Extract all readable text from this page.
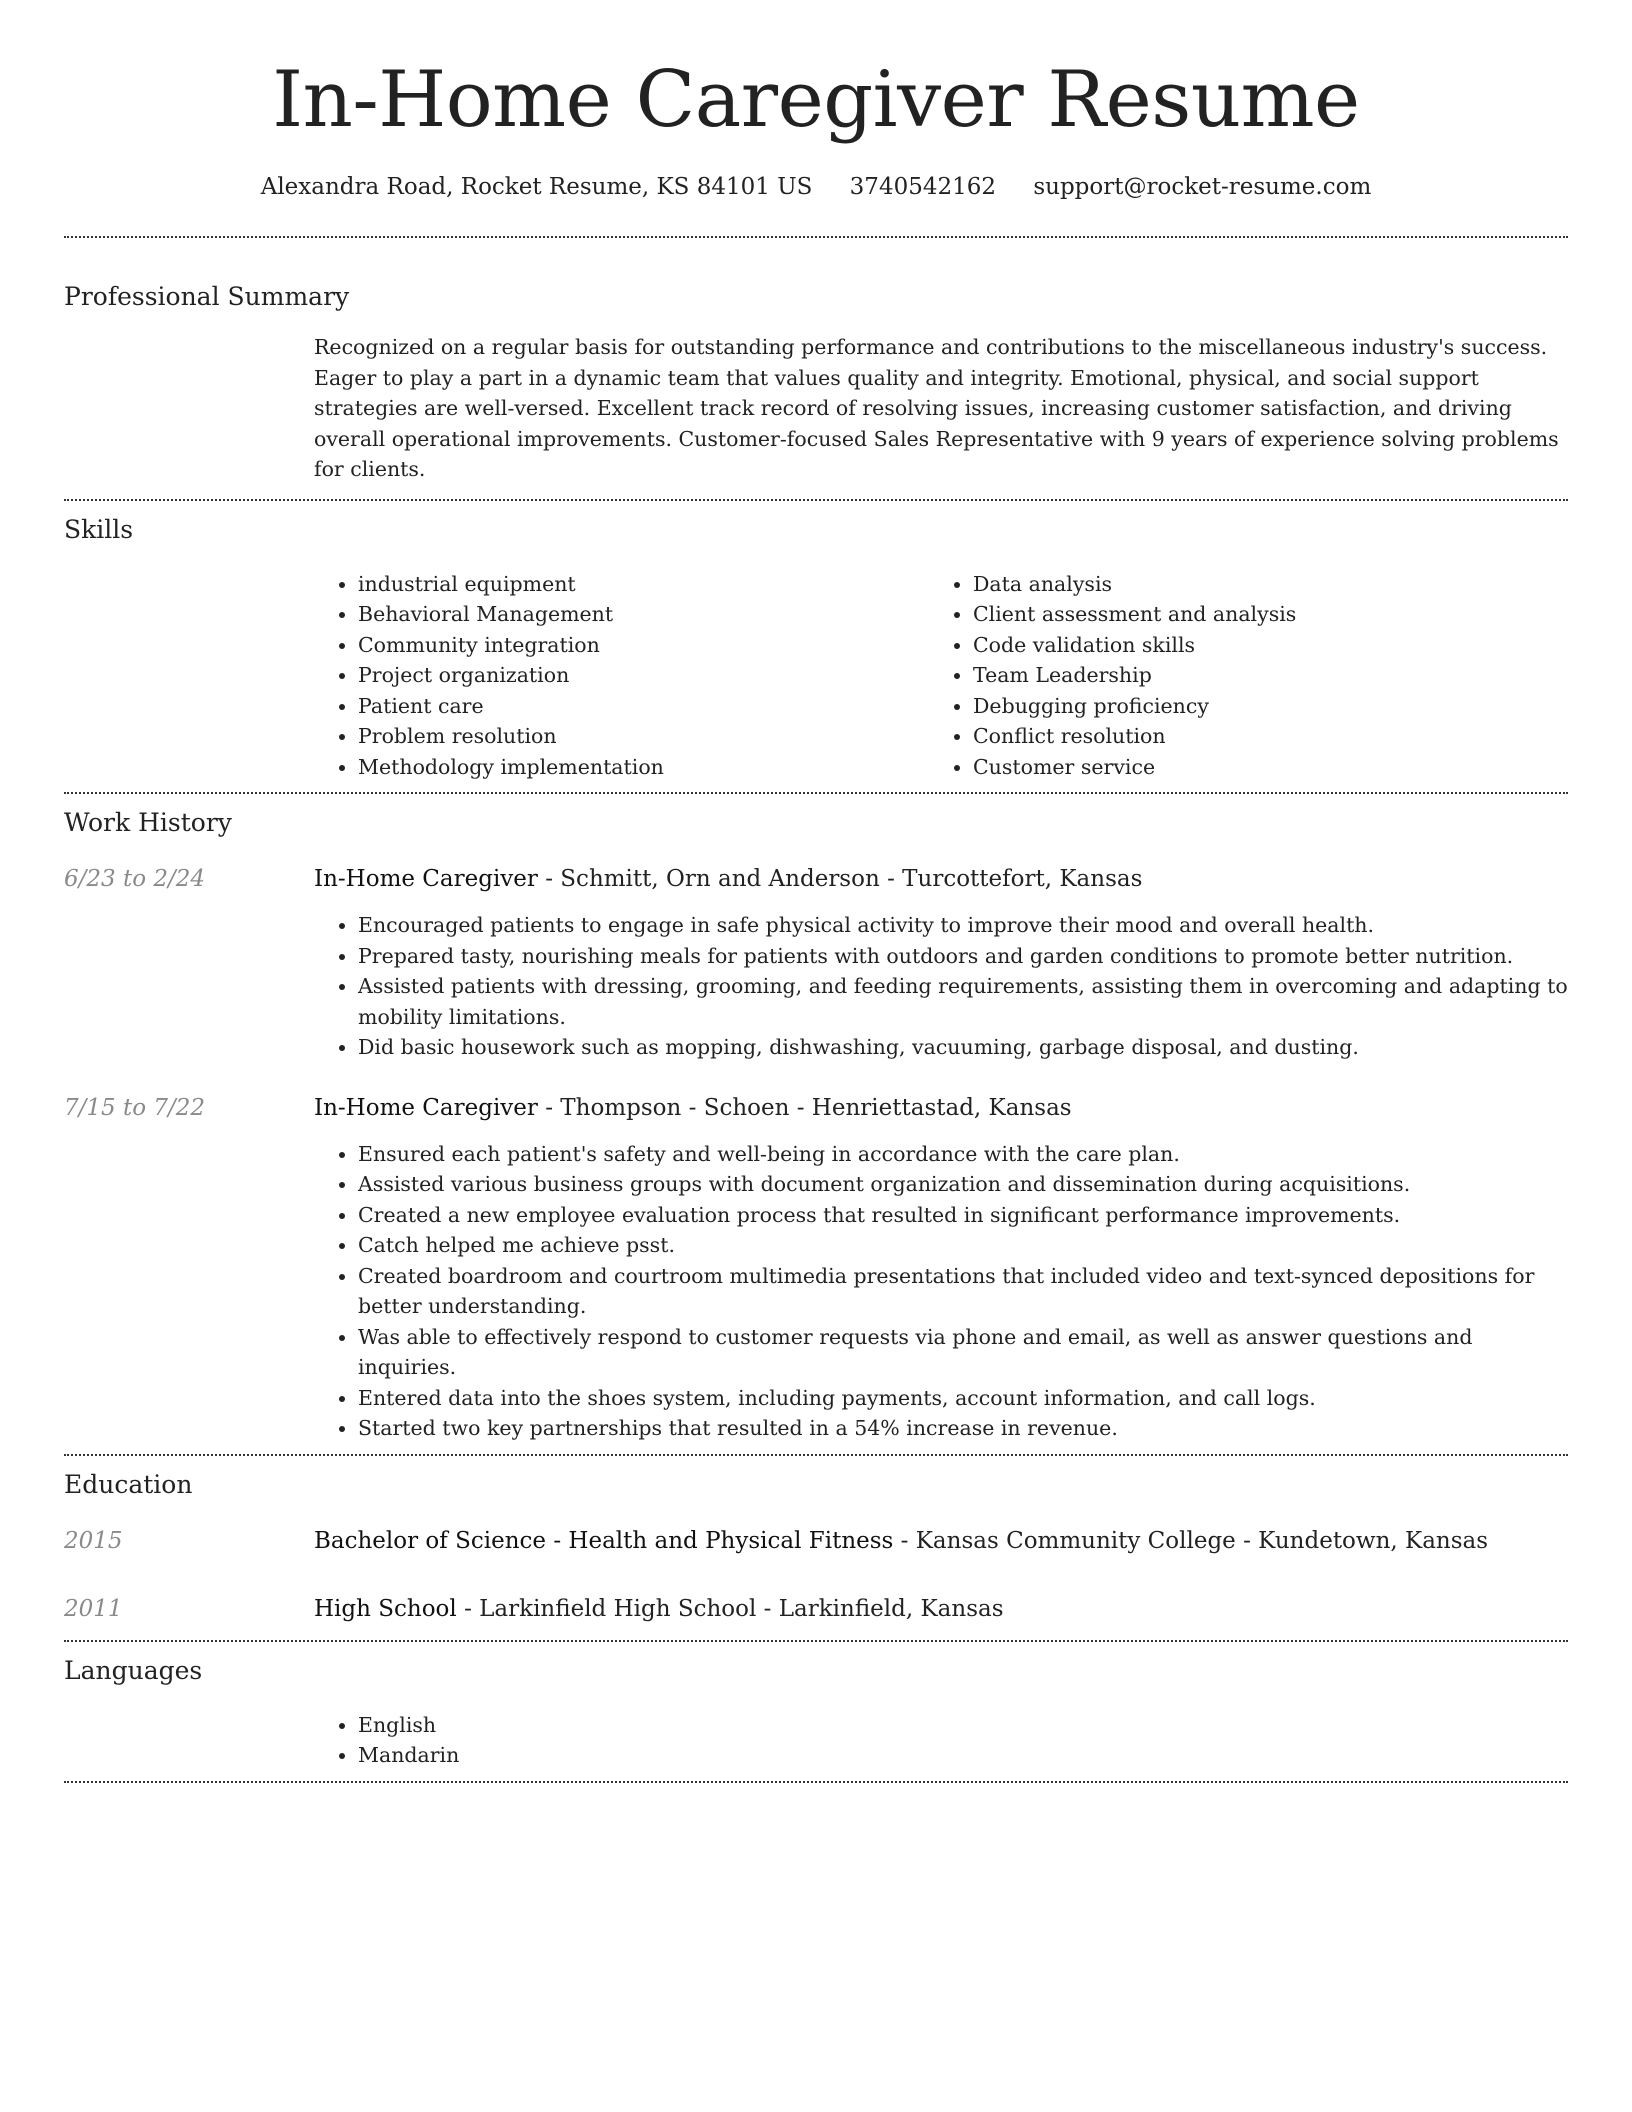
In-Home Caregiver Resume
Alexandra Road, Rocket Resume, KS 84101 US 3740542162 support@rocket-resume.com
Professional Summary

Recognized on a regular basis for outstanding performance and contributions to the miscellaneous industry's success. Eager to play a part in a dynamic team that values quality and integrity. Emotional, physical, and social support strategies are well-versed. Excellent track record of resolving issues, increasing customer satisfaction, and driving overall operational improvements. Customer-focused Sales Representative with 9 years of experience solving problems for clients.

Skills
• industrial equipment
• Behavioral Management
• Community integration
• Project organization
• Patient care
• Problem resolution
• Methodology implementation
• Data analysis
• Client assessment and analysis
• Code validation skills
• Team Leadership
• Debugging proficiency
• Conflict resolution
• Customer service
Work History
6/23 to 2/24	In-Home Caregiver - Schmitt, Orn and Anderson - Turcottefort, Kansas
• Encouraged patients to engage in safe physical activity to improve their mood and overall health.
• Prepared tasty, nourishing meals for patients with outdoors and garden conditions to promote better nutrition.
• Assisted patients with dressing, grooming, and feeding requirements, assisting them in overcoming and adapting to mobility limitations.
• Did basic housework such as mopping, dishwashing, vacuuming, garbage disposal, and dusting.
7/15 to 7/22	In-Home Caregiver - Thompson - Schoen - Henriettastad, Kansas
• Ensured each patient's safety and well-being in accordance with the care plan.
• Assisted various business groups with document organization and dissemination during acquisitions.
• Created a new employee evaluation process that resulted in significant performance improvements.
• Catch helped me achieve psst.
• Created boardroom and courtroom multimedia presentations that included video and text-synced depositions for better understanding.
• Was able to effectively respond to customer requests via phone and email, as well as answer questions and inquiries.
• Entered data into the shoes system, including payments, account information, and call logs.
• Started two key partnerships that resulted in a 54% increase in revenue.
Education
2015	Bachelor of Science - Health and Physical Fitness - Kansas Community College - Kundetown, Kansas
2011	High School - Larkinfield High School - Larkinfield, Kansas
Languages
• English
• Mandarin
